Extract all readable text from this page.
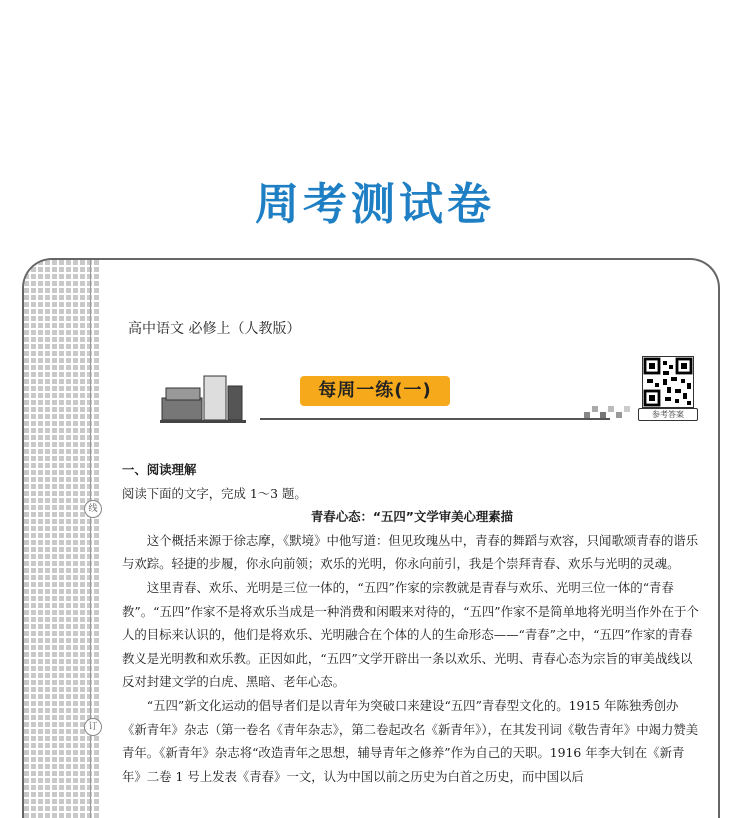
周考测试卷
线
订
高中语文 必修上（人教版）
每周一练(一)
参考答案

一、阅读理解

阅读下面的文字，完成 1～3 题。

青春心态：“五四”文学审美心理素描

这个概括来源于徐志摩，《默境》中他写道：但见玫瑰丛中，青春的舞蹈与欢容，只闻歌颂青春的谐乐与欢踪。轻捷的步履，你永向前领；欢乐的光明，你永向前引，我是个崇拜青春、欢乐与光明的灵魂。

这里青春、欢乐、光明是三位一体的，“五四”作家的宗教就是青春与欢乐、光明三位一体的“青春教”。“五四”作家不是将欢乐当成是一种消费和闲暇来对待的，“五四”作家不是简单地将光明当作外在于个人的目标来认识的，他们是将欢乐、光明融合在个体的人的生命形态——“青春”之中，“五四”作家的青春教义是光明教和欢乐教。正因如此，“五四”文学开辟出一条以欢乐、光明、青春心态为宗旨的审美战线以反对封建文学的白虎、黑暗、老年心态。

“五四”新文化运动的倡导者们是以青年为突破口来建设“五四”青春型文化的。1915 年陈独秀创办《新青年》杂志（第一卷名《青年杂志》，第二卷起改名《新青年》），在其发刊词《敬告青年》中竭力赞美青年。《新青年》杂志将“改造青年之思想，辅导青年之修养”作为自己的天职。1916 年李大钊在《新青年》二卷 1 号上发表《青春》一文，认为中国以前之历史为白首之历史，而中国以后
